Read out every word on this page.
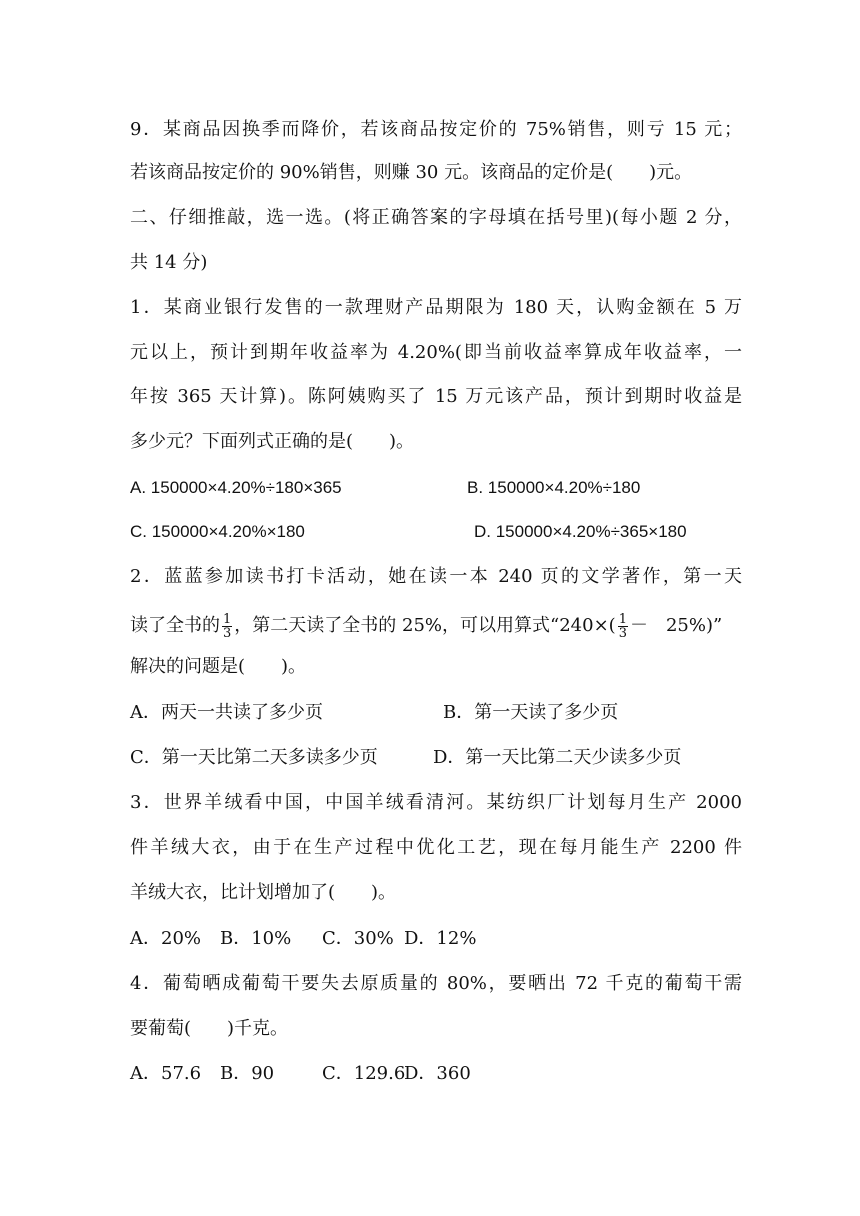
9．某商品因换季而降价，若该商品按定价的 75%销售，则亏 15 元；
若该商品按定价的 90%销售，则赚 30 元。该商品的定价是(　　)元。
二、仔细推敲，选一选。(将正确答案的字母填在括号里)(每小题 2 分，
共 14 分)
1．某商业银行发售的一款理财产品期限为 180 天，认购金额在 5 万
元以上，预计到期年收益率为 4.20%(即当前收益率算成年收益率，一
年按 365 天计算)。陈阿姨购买了 15 万元该产品，预计到期时收益是
多少元？下面列式正确的是(　　)。
A. 150000×4.20%÷180×365	B. 150000×4.20%÷180
C. 150000×4.20%×180	D. 150000×4.20%÷365×180
2．蓝蓝参加读书打卡活动，她在读一本 240 页的文学著作，第一天
读了全书的 $\frac{1}{3}$ ，第二天读了全书的 25%，可以用算式“$240\times( \frac{1}{3}$ －　25%)”
解决的问题是(　　)。
A．两天一共读了多少页	B．第一天读了多少页
C．第一天比第二天多读多少页	D．第一天比第二天少读多少页
3．世界羊绒看中国，中国羊绒看清河。某纺织厂计划每月生产 2000
件羊绒大衣，由于在生产过程中优化工艺，现在每月能生产 2200 件
羊绒大衣，比计划增加了(　　)。
A．20% B．10% C．30% D．12%
4．葡萄晒成葡萄干要失去原质量的 80%，要晒出 72 千克的葡萄干需
要葡萄(　　)千克。
A．57.6 B．90	C．129.6
D．360
